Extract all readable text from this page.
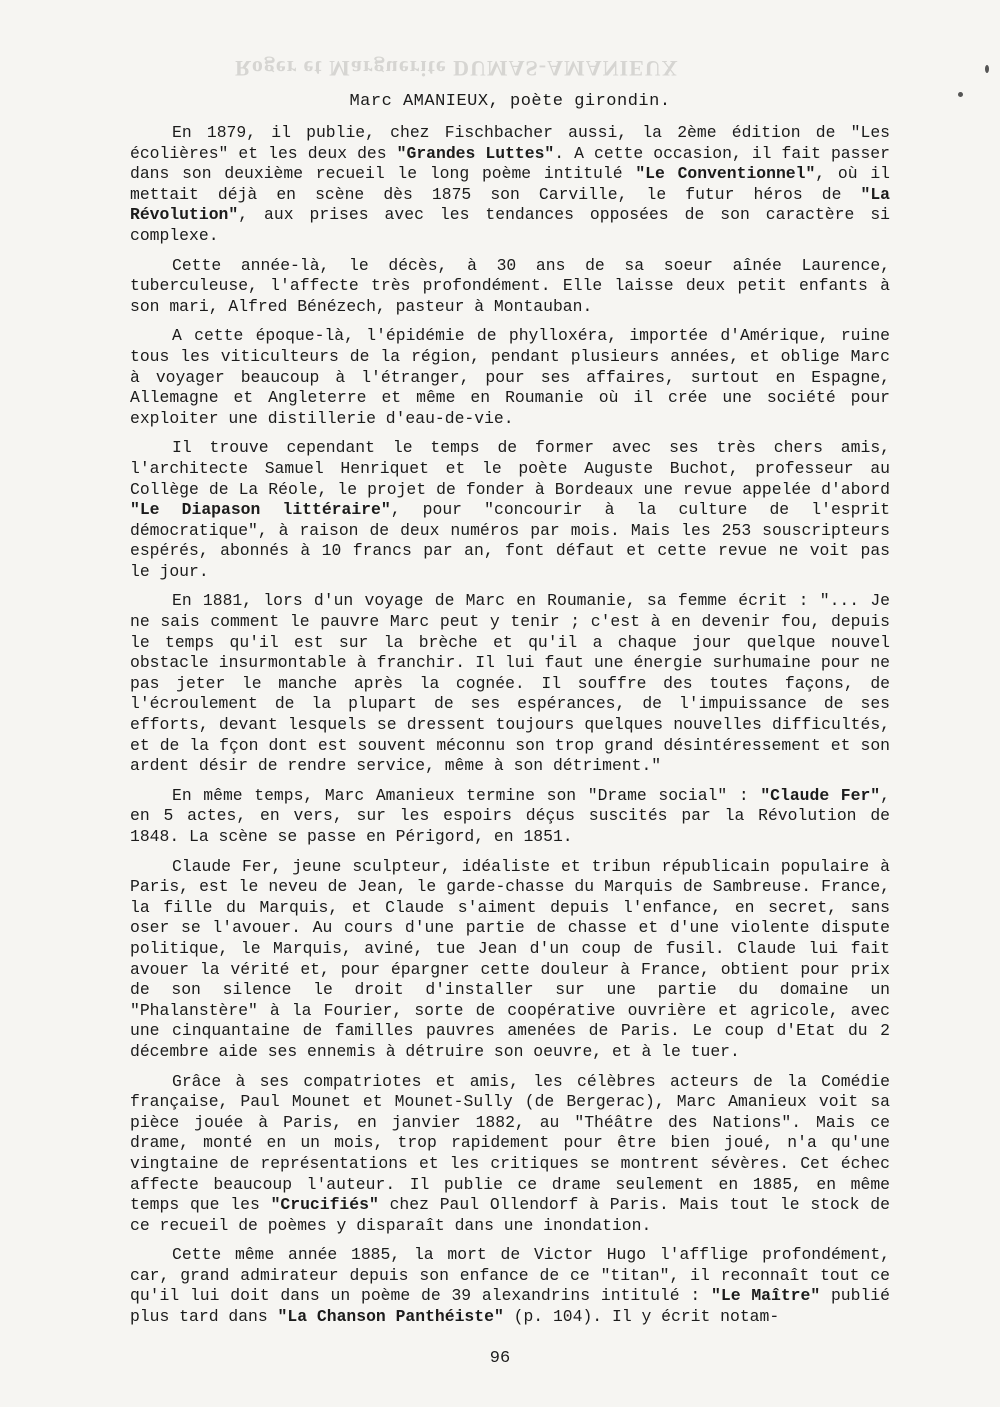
Roger et Marguerite DUMAS-AMANIEUX
Marc AMANIEUX, poète girondin.

En 1879, il publie, chez Fischbacher aussi, la 2ème édition de "Les écolières" et les deux des "Grandes Luttes". A cette occasion, il fait passer dans son deuxième recueil le long poème intitulé "Le Conventionnel", où il mettait déjà en scène dès 1875 son Carville, le futur héros de "La Révolution", aux prises avec les tendances opposées de son caractère si complexe.

Cette année-là, le décès, à 30 ans de sa soeur aînée Laurence, tuberculeuse, l'affecte très profondément. Elle laisse deux petit enfants à son mari, Alfred Bénézech, pasteur à Montauban.

A cette époque-là, l'épidémie de phylloxéra, importée d'Amérique, ruine tous les viticulteurs de la région, pendant plusieurs années, et oblige Marc à voyager beaucoup à l'étranger, pour ses affaires, surtout en Espagne, Allemagne et Angleterre et même en Roumanie où il crée une société pour exploiter une distillerie d'eau-de-vie.

Il trouve cependant le temps de former avec ses très chers amis, l'architecte Samuel Henriquet et le poète Auguste Buchot, professeur au Collège de La Réole, le projet de fonder à Bordeaux une revue appelée d'abord "Le Diapason littéraire", pour "concourir à la culture de l'esprit démocratique", à raison de deux numéros par mois. Mais les 253 souscripteurs espérés, abonnés à 10 francs par an, font défaut et cette revue ne voit pas le jour.

En 1881, lors d'un voyage de Marc en Roumanie, sa femme écrit : "... Je ne sais comment le pauvre Marc peut y tenir ; c'est à en devenir fou, depuis le temps qu'il est sur la brèche et qu'il a chaque jour quelque nouvel obstacle insurmontable à franchir. Il lui faut une énergie surhumaine pour ne pas jeter le manche après la cognée. Il souffre des toutes façons, de l'écroulement de la plupart de ses espérances, de l'impuissance de ses efforts, devant lesquels se dressent toujours quelques nouvelles difficultés, et de la fçon dont est souvent méconnu son trop grand désintéressement et son ardent désir de rendre service, même à son détriment."

En même temps, Marc Amanieux termine son "Drame social" : "Claude Fer", en 5 actes, en vers, sur les espoirs déçus suscités par la Révolution de 1848. La scène se passe en Périgord, en 1851.

Claude Fer, jeune sculpteur, idéaliste et tribun républicain populaire à Paris, est le neveu de Jean, le garde-chasse du Marquis de Sambreuse. France, la fille du Marquis, et Claude s'aiment depuis l'enfance, en secret, sans oser se l'avouer. Au cours d'une partie de chasse et d'une violente dispute politique, le Marquis, aviné, tue Jean d'un coup de fusil. Claude lui fait avouer la vérité et, pour épargner cette douleur à France, obtient pour prix de son silence le droit d'installer sur une partie du domaine un "Phalanstère" à la Fourier, sorte de coopérative ouvrière et agricole, avec une cinquantaine de familles pauvres amenées de Paris. Le coup d'Etat du 2 décembre aide ses ennemis à détruire son oeuvre, et à le tuer.

Grâce à ses compatriotes et amis, les célèbres acteurs de la Comédie française, Paul Mounet et Mounet-Sully (de Bergerac), Marc Amanieux voit sa pièce jouée à Paris, en janvier 1882, au "Théâtre des Nations". Mais ce drame, monté en un mois, trop rapidement pour être bien joué, n'a qu'une vingtaine de représentations et les critiques se montrent sévères. Cet échec affecte beaucoup l'auteur. Il publie ce drame seulement en 1885, en même temps que les "Crucifiés" chez Paul Ollendorf à Paris. Mais tout le stock de ce recueil de poèmes y disparaît dans une inondation.

Cette même année 1885, la mort de Victor Hugo l'afflige profondément, car, grand admirateur depuis son enfance de ce "titan", il reconnaît tout ce qu'il lui doit dans un poème de 39 alexandrins intitulé : "Le Maître" publié plus tard dans "La Chanson Panthéiste" (p. 104). Il y écrit notam-

96
